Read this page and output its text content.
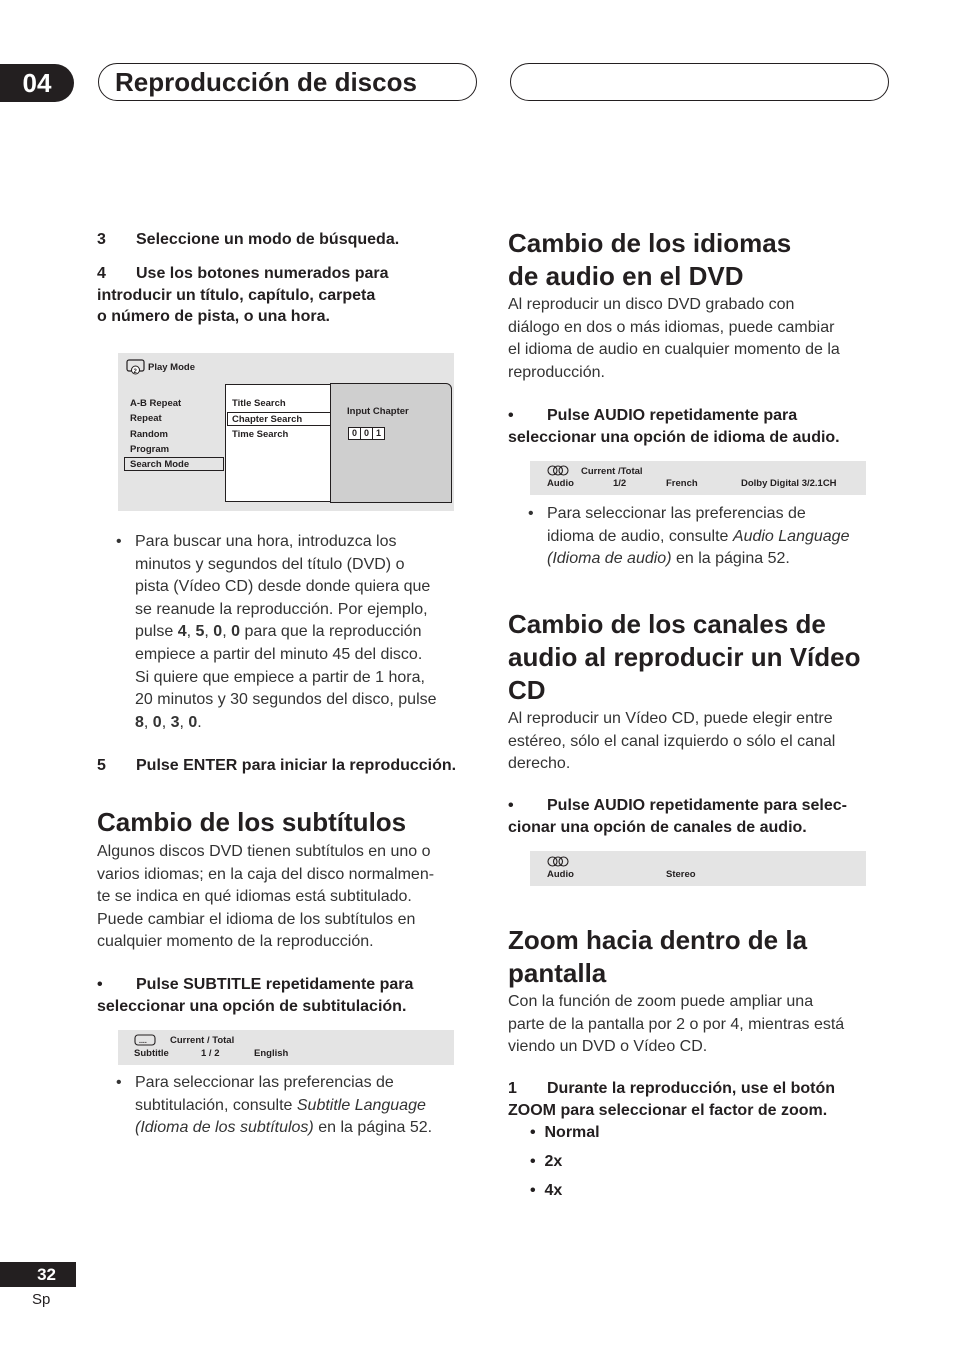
04	Reproducción de discos
3 Seleccione un modo de búsqueda.
4 Use los botones numerados para
introducir un título, capítulo, carpeta
o número de pista, o una hora.
2 Play Mode
A-B Repeat
Repeat
Random
Program
Search Mode
Title Search
Chapter Search
Time Search
Input Chapter
0 0 1
• Para buscar una hora, introduzca los
minutos y segundos del título (DVD) o
pista (Vídeo CD) desde donde quiera que
se reanude la reproducción. Por ejemplo,
pulse 4, 5, 0, 0 para que la reproducción
empiece a partir del minuto 45 del disco.
Si quiere que empiece a partir de 1 hora,
20 minutos y 30 segundos del disco, pulse
8, 0, 3, 0.
5 Pulse ENTER para iniciar la reproducción.
Cambio de los subtítulos
Algunos discos DVD tienen subtítulos en uno o
varios idiomas; en la caja del disco normalmen-
te se indica en qué idiomas está subtitulado.
Puede cambiar el idioma de los subtítulos en
cualquier momento de la reproducción.
• Pulse SUBTITLE repetidamente para
seleccionar una opción de subtitulación.
.... Current / Total
Subtitle	1 / 2	English
• Para seleccionar las preferencias de
subtitulación, consulte Subtitle Language
(Idioma de los subtítulos) en la página 52.
Cambio de los idiomas
de audio en el DVD
Al reproducir un disco DVD grabado con
diálogo en dos o más idiomas, puede cambiar
el idioma de audio en cualquier momento de la
reproducción.
• Pulse AUDIO repetidamente para
seleccionar una opción de idioma de audio.
Current /Total
Audio	1/2	French	Dolby Digital 3/2.1CH
• Para seleccionar las preferencias de
idioma de audio, consulte Audio Language
(Idioma de audio) en la página 52.
Cambio de los canales de
audio al reproducir un Vídeo
CD
Al reproducir un Vídeo CD, puede elegir entre
estéreo, sólo el canal izquierdo o sólo el canal
derecho.
• Pulse AUDIO repetidamente para selec-
cionar una opción de canales de audio.
Audio	Stereo
Zoom hacia dentro de la
pantalla
Con la función de zoom puede ampliar una
parte de la pantalla por 2 o por 4, mientras está
viendo un DVD o Vídeo CD.
1 Durante la reproducción, use el botón
ZOOM para seleccionar el factor de zoom.
•  Normal
•  2x
•  4x
32
Sp
